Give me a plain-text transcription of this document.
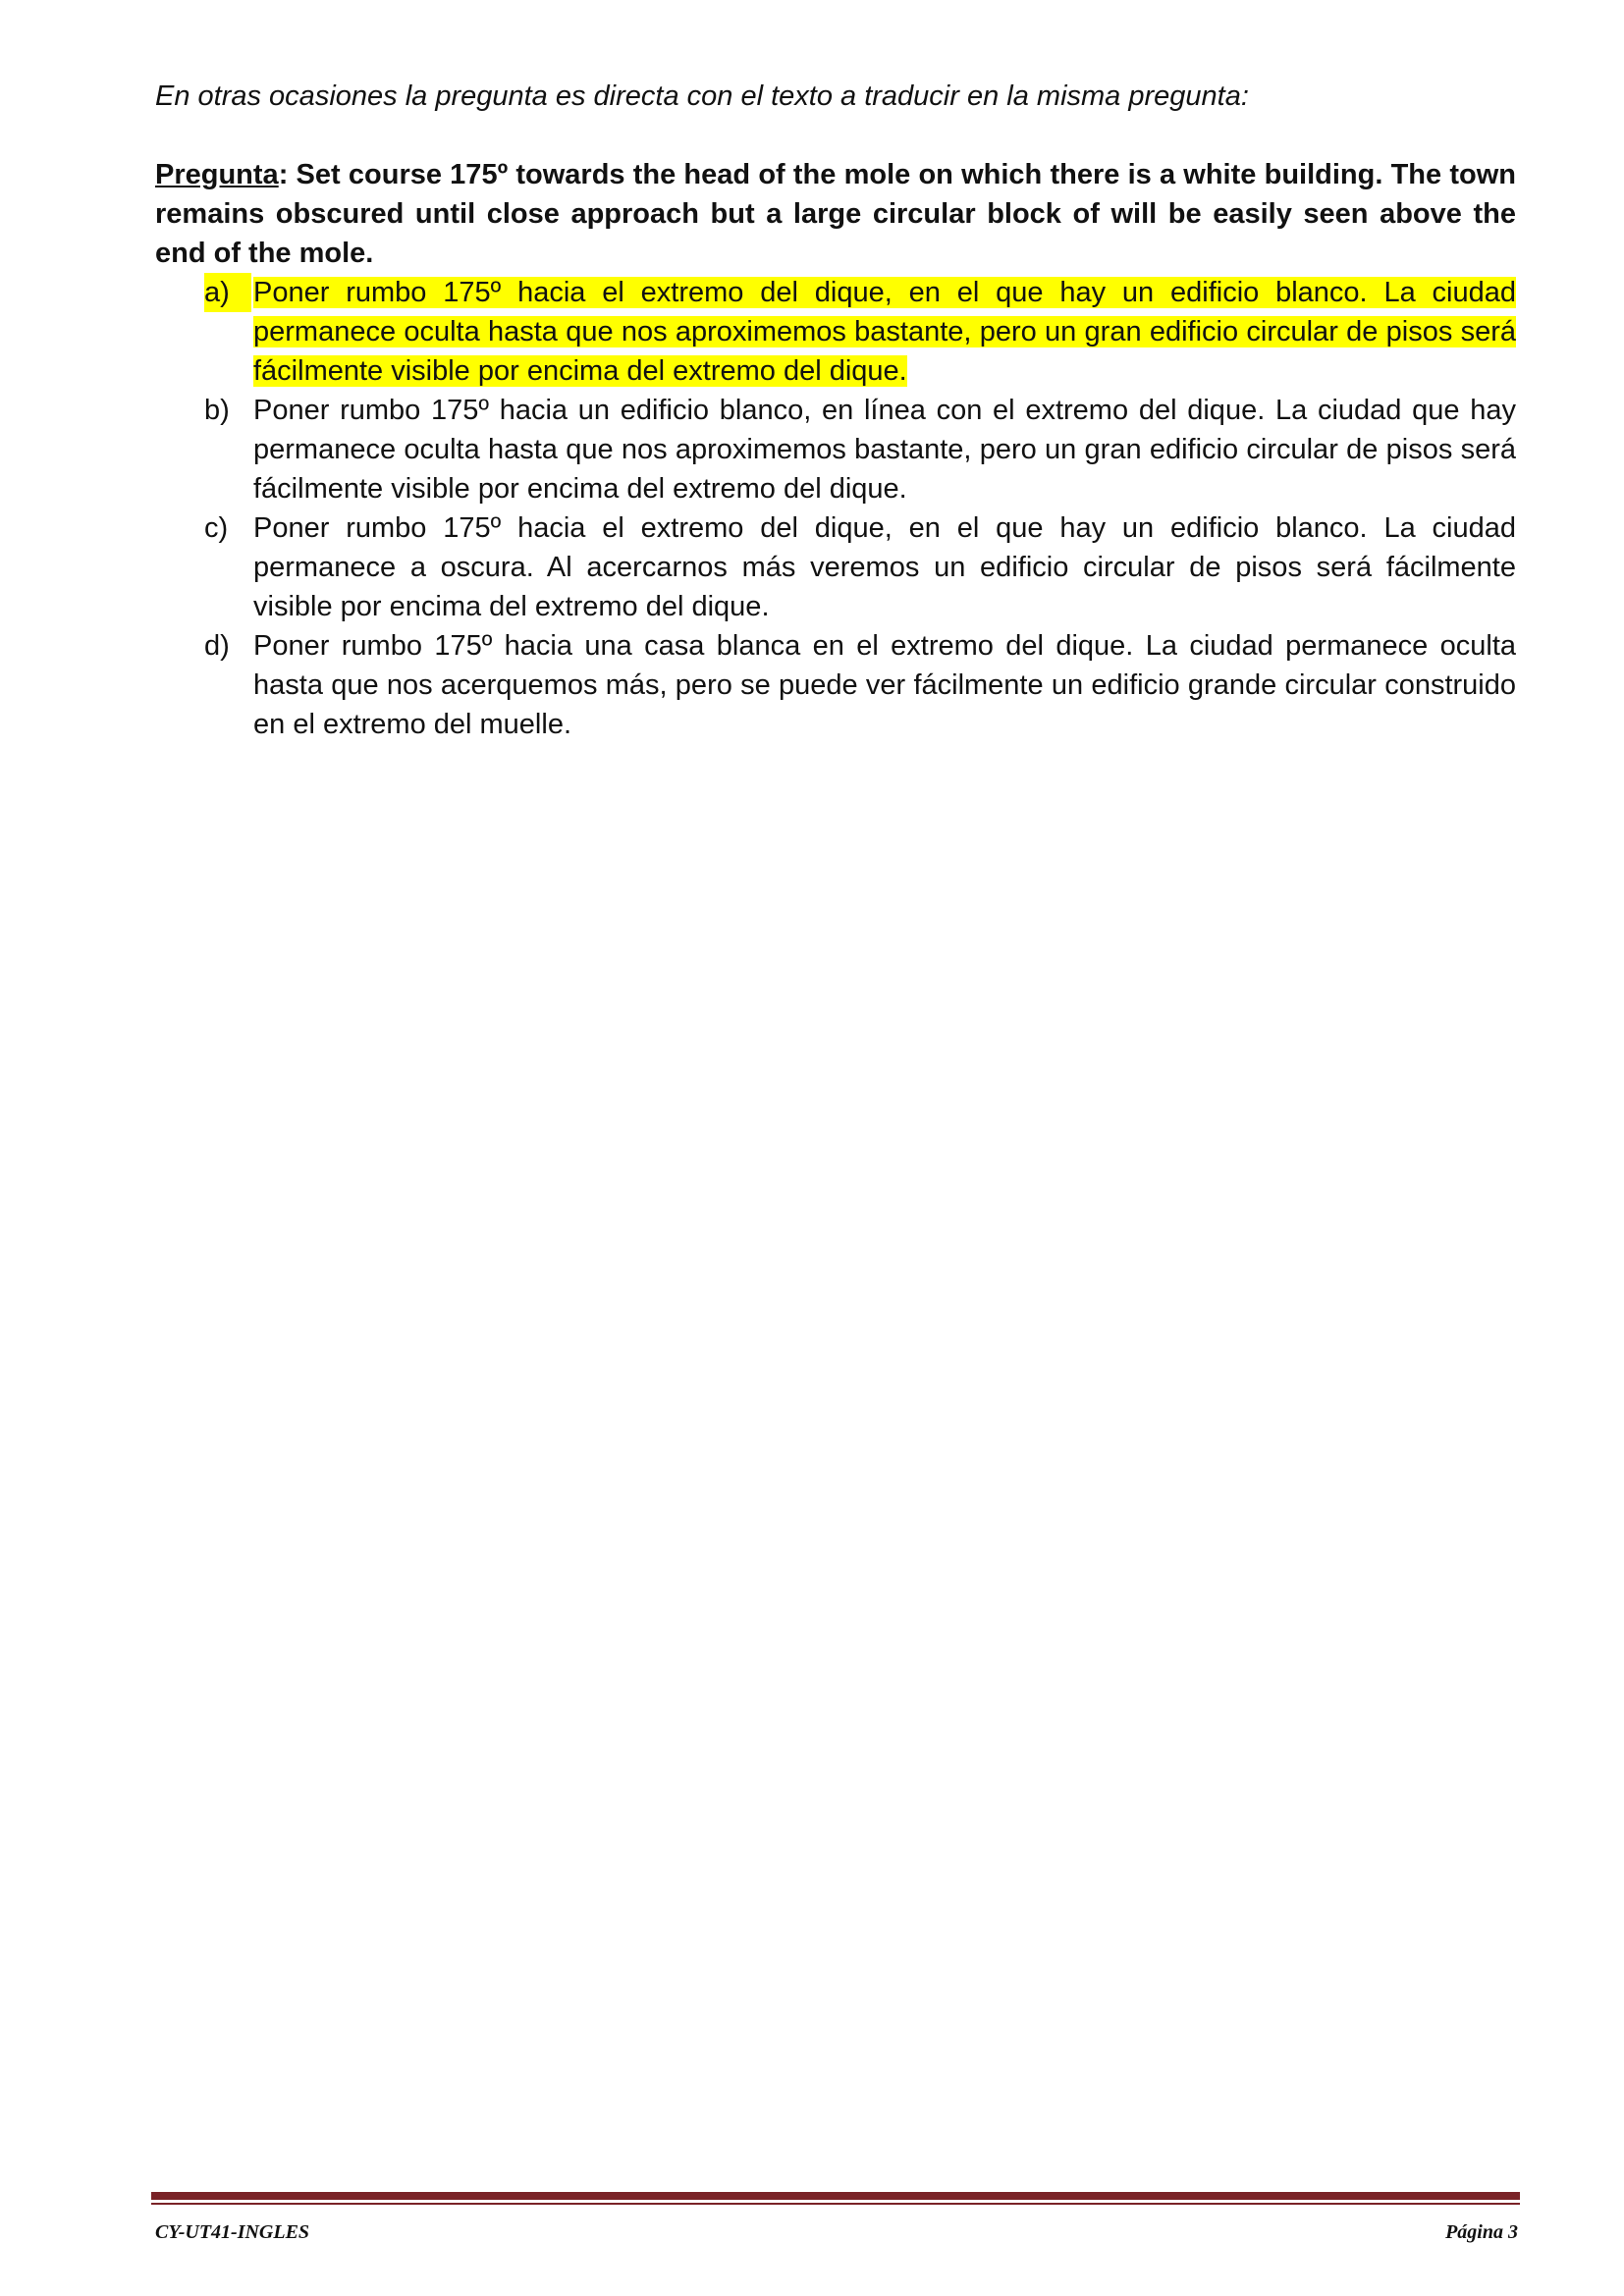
En otras ocasiones la pregunta es directa con el texto a traducir en la misma pregunta:

Pregunta: Set course 175º towards the head of the mole on which there is a white building. The town remains obscured until close approach but a large circular block of will be easily seen above the end of the mole.

a) Poner rumbo 175º hacia el extremo del dique, en el que hay un edificio blanco. La ciudad permanece oculta hasta que nos aproximemos bastante, pero un gran edificio circular de pisos será fácilmente visible por encima del extremo del dique.
b) Poner rumbo 175º hacia un edificio blanco, en línea con el extremo del dique. La ciudad que hay permanece oculta hasta que nos aproximemos bastante, pero un gran edificio circular de pisos será fácilmente visible por encima del extremo del dique.
c) Poner rumbo 175º hacia el extremo del dique, en el que hay un edificio blanco. La ciudad permanece a oscura. Al acercarnos más veremos un edificio circular de pisos será fácilmente visible por encima del extremo del dique.
d) Poner rumbo 175º hacia una casa blanca en el extremo del dique. La ciudad permanece oculta hasta que nos acerquemos más, pero se puede ver fácilmente un edificio grande circular construido en el extremo del muelle.
CY-UT41-INGLES	Página 3
